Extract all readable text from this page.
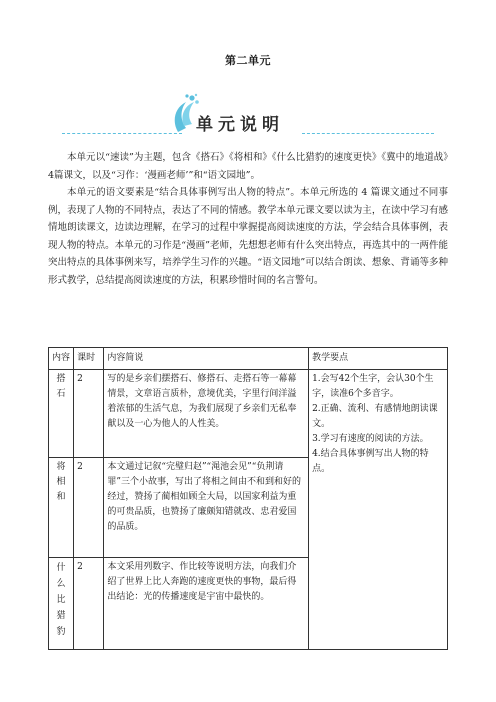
第二单元
单元说明

本单元以“速读”为主题，包含《搭石》《将相和》《什么比猎豹的速度更快》《冀中的地道战》4篇课文，以及“习作：‘漫画老师’”和“语文园地”。

本单元的语文要素是“结合具体事例写出人物的特点”。本单元所选的 4 篇课文通过不同事例，表现了人物的不同特点，表达了不同的情感。教学本单元课文要以读为主，在读中学习有感情地朗读课文，边读边理解，在学习的过程中掌握提高阅读速度的方法，学会结合具体事例，表现人物的特点。本单元的习作是“漫画”老师，先想想老师有什么突出特点，再选其中的一两件能突出特点的具体事例来写，培养学生习作的兴趣。“语文园地”可以结合朗读、想象、背诵等多种形式教学，总结提高阅读速度的方法，积累珍惜时间的名言警句。

内容	课时	内容简说	教学要点

搭
石	2	写的是乡亲们摆搭石、修搭石、走搭石等一幕幕情景，文章语言质朴，意境优美，字里行间洋溢着浓郁的生活气息，为我们展现了乡亲们无私奉献以及一心为他人的人性美。	1.会写42个生字，会认30个生字，读准6个多音字。
2.正确、流利、有感情地朗读课文。
3.学习有速度的阅读的方法。
4.结合具体事例写出人物的特点。

将
相
和	2	本文通过记叙“完璧归赵”“渑池会见”“负荆请罪”三个小故事，写出了将相之间由不和到和好的经过，赞扬了蔺相如顾全大局，以国家利益为重的可贵品质，也赞扬了廉颇知错就改、忠君爱国的品质。	

什
么
比
猎
豹	2	本文采用列数字、作比较等说明方法，向我们介绍了世界上比人奔跑的速度更快的事物，最后得出结论：光的传播速度是宇宙中最快的。	
